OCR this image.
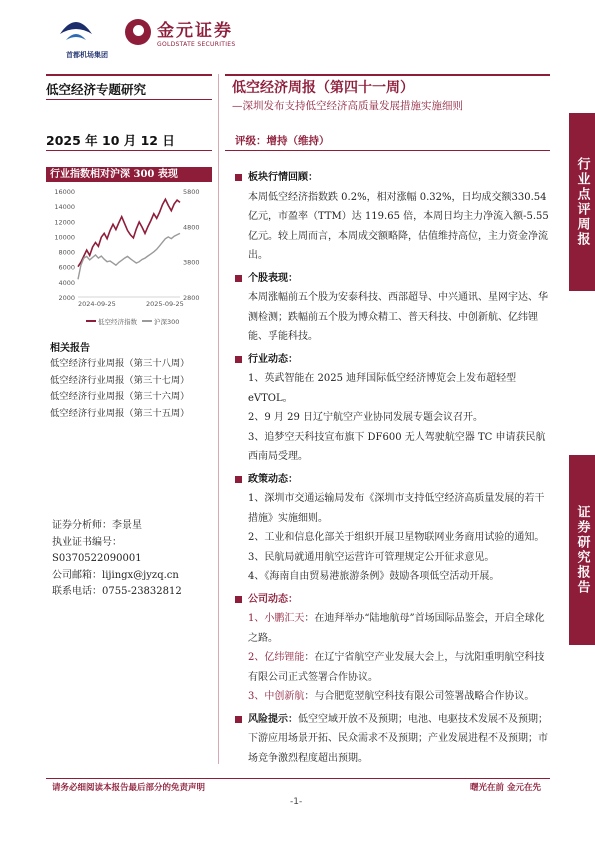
首都机场集团
金元证券
GOLDSTATE SECURITIES
行业点评周报
证券研究报告
低空经济专题研究
2025 年 10 月 12 日
低空经济周报（第四十一周）
—深圳发布支持低空经济高质量发展措施实施细则
评级：增持（维持）
行业指数相对沪深 300 表现
16000
14000
12000
10000
8000
6000
4000
2000
5800
4800
3800
2800
2024-09-25	2025-09-25
低空经济指数	沪深300
相关报告
低空经济行业周报（第三十八周）
低空经济行业周报（第三十七周）
低空经济行业周报（第三十六周）
低空经济行业周报（第三十五周）
证券分析师：李景星
执业证书编号：
S0370522090001
公司邮箱：lijingx@jyzq.cn
联系电话：0755-23832812
板块行情回顾：
本周低空经济指数跌 0.2%，相对涨幅 0.32%，日均成交额330.54 亿元，市盈率（TTM）达 119.65 倍，本周日均主力净流入额-5.55 亿元。较上周而言，本周成交额略降，估值维持高位，主力资金净流出。
个股表现：
本周涨幅前五个股为安泰科技、西部超导、中兴通讯、星网宇达、华测检测；跌幅前五个股为博众精工、普天科技、中创新航、亿纬锂能、孚能科技。
行业动态：
1、英武智能在 2025 迪拜国际低空经济博览会上发布超轻型 eVTOL。
2、9 月 29 日辽宁航空产业协同发展专题会议召开。
3、追梦空天科技宣布旗下 DF600 无人驾驶航空器 TC 申请获民航西南局受理。
政策动态：
1、深圳市交通运输局发布《深圳市支持低空经济高质量发展的若干措施》实施细则。
2、工业和信息化部关于组织开展卫星物联网业务商用试验的通知。
3、民航局就通用航空运营许可管理规定公开征求意见。
4、《海南自由贸易港旅游条例》鼓励各项低空活动开展。
公司动态：
1、小鹏汇天：在迪拜举办“陆地航母”首场国际品鉴会，开启全球化之路。
2、亿纬锂能：在辽宁省航空产业发展大会上，与沈阳重明航空科技有限公司正式签署合作协议。
3、中创新航：与合肥览翌航空科技有限公司签署战略合作协议。
风险提示：低空空域开放不及预期；电池、电驱技术发展不及预期；下游应用场景开拓、民众需求不及预期；产业发展进程不及预期；市场竞争激烈程度超出预期。
请务必细阅读本报告最后部分的免责声明	曙光在前 金元在先
-1-
